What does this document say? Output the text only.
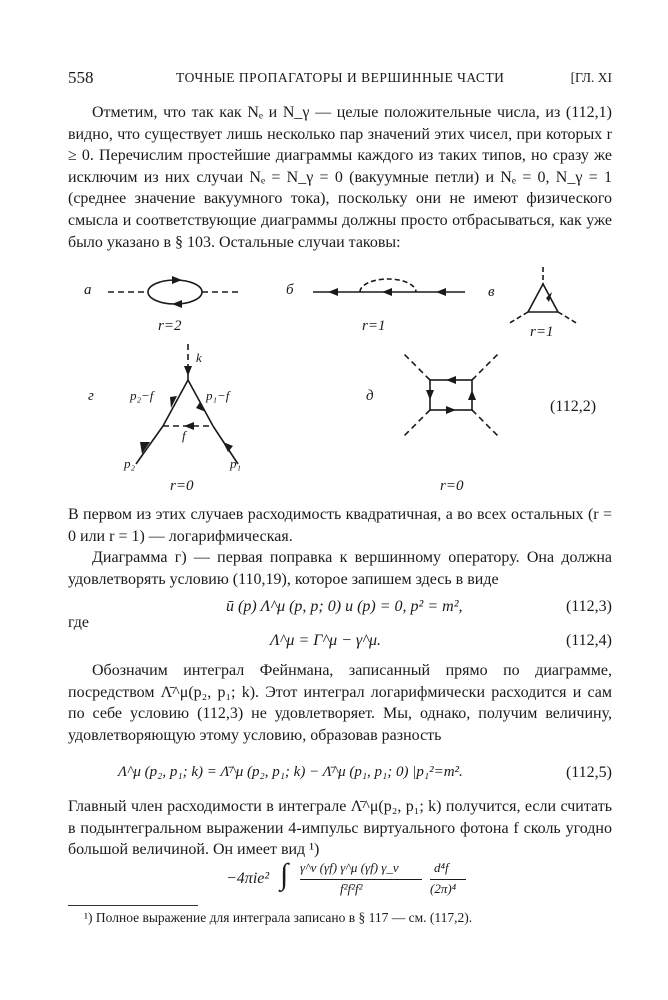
558	ТОЧНЫЕ ПРОПАГАТОРЫ И ВЕРШИННЫЕ ЧАСТИ	[ГЛ. XI

Отметим, что так как Nₑ и N_γ — целые положительные числа, из (112,1) видно, что существует лишь несколько пар значений этих чисел, при которых r ≥ 0. Перечислим простейшие диаграммы каждого из таких типов, но сразу же исключим из них случаи Nₑ = N_γ = 0 (вакуумные петли) и Nₑ = 0, N_γ = 1 (среднее значение вакуумного тока), поскольку они не имеют физического смысла и соответствующие диаграммы должны просто отбрасываться, как уже было указано в § 103. Остальные случаи таковы:

а
r=2
б
r=1
в
r=1
г
k
p₂−f	p₁−f
f
p₂	p₁
r=0
д
r=0
(112,2)

В первом из этих случаев расходимость квадратичная, а во всех остальных (r = 0 или r = 1) — логарифмическая.

Диаграмма г) — первая поправка к вершинному оператору. Она должна удовлетворять условию (110,19), которое запишем здесь в виде

ū (p) Λ^μ (p, p; 0) u (p) = 0, p² = m²,	(112,3)
где
Λ^μ = Γ^μ − γ^μ.	(112,4)

Обозначим интеграл Фейнмана, записанный прямо по диаграмме, посредством Λ̄^μ(p₂, p₁; k). Этот интеграл логарифмически расходится и сам по себе условию (112,3) не удовлетворяет. Мы, однако, получим величину, удовлетворяющую этому условию, образовав разность

Λ^μ (p₂, p₁; k) = Λ̄^μ (p₂, p₁; k) − Λ̄^μ (p₁, p₁; 0) |p₁²=m².	(112,5)

Главный член расходимости в интеграле Λ̄^μ(p₂, p₁; k) получится, если считать в подынтегральном выражении 4-импульс виртуального фотона f сколь угодно большой величиной. Он имеет вид ¹)

−4πie² ∫ γ^ν (γf) γ^μ (γf) γ_ν
f²f²f²
d⁴f
(2π)⁴
¹) Полное выражение для интеграла записано в § 117 — см. (117,2).
